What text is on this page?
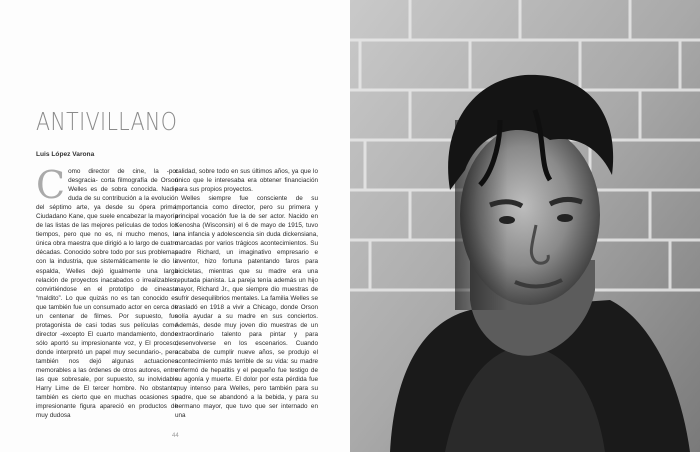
ANTIVILLANO
Luis López Varona

C omo director de cine, la -por desgracia- corta filmografía de Orson Welles es de sobra conocida. Nadie duda de su contribución a la evolución del séptimo arte, ya desde su ópera prima, Ciudadano Kane, que suele encabezar la mayoría de las listas de las mejores películas de todos los tiempos, pero que no es, ni mucho menos, la única obra maestra que dirigió a lo largo de cuatro décadas. Conocido sobre todo por sus problemas con la industria, que sistemáticamente le dio la espalda, Welles dejó igualmente una larga relación de proyectos inacabados o irrealizables, convirtiéndose en el prototipo de cineasta “maldito”. Lo que quizás no es tan conocido es que también fue un consumado actor en cerca de un centenar de filmes. Por supuesto, fue protagonista de casi todas sus películas como director -excepto El cuarto mandamiento, donde sólo aportó su impresionante voz, y El proceso, donde interpretó un papel muy secundario-, pero también nos dejó algunas actuaciones memorables a las órdenes de otros autores, entre las que sobresale, por supuesto, su inolvidable Harry Lime de El tercer hombre. No obstante, también es cierto que en muchas ocasiones su impresionante figura apareció en productos de muy dudosa

calidad, sobre todo en sus últimos años, ya que lo único que le interesaba era obtener financiación para sus propios proyectos.

Welles siempre fue consciente de su importancia como director, pero su primera y principal vocación fue la de ser actor. Nacido en Kenosha (Wisconsin) el 6 de mayo de 1915, tuvo una infancia y adolescencia sin duda dickensiana, marcadas por varios trágicos acontecimientos. Su padre Richard, un imaginativo empresario e inventor, hizo fortuna patentando faros para bicicletas, mientras que su madre era una reputada pianista. La pareja tenía además un hijo mayor, Richard Jr., que siempre dio muestras de sufrir desequilibrios mentales. La familia Welles se trasladó en 1918 a vivir a Chicago, donde Orson solía ayudar a su madre en sus conciertos. Además, desde muy joven dio muestras de un extraordinario talento para pintar y para desenvolverse en los escenarios. Cuando acababa de cumplir nueve años, se produjo el acontecimiento más terrible de su vida: su madre enfermó de hepatitis y el pequeño fue testigo de su agonía y muerte. El dolor por esta pérdida fue muy intenso para Welles, pero también para su padre, que se abandonó a la bebida, y para su hermano mayor, que tuvo que ser internado en una

44
